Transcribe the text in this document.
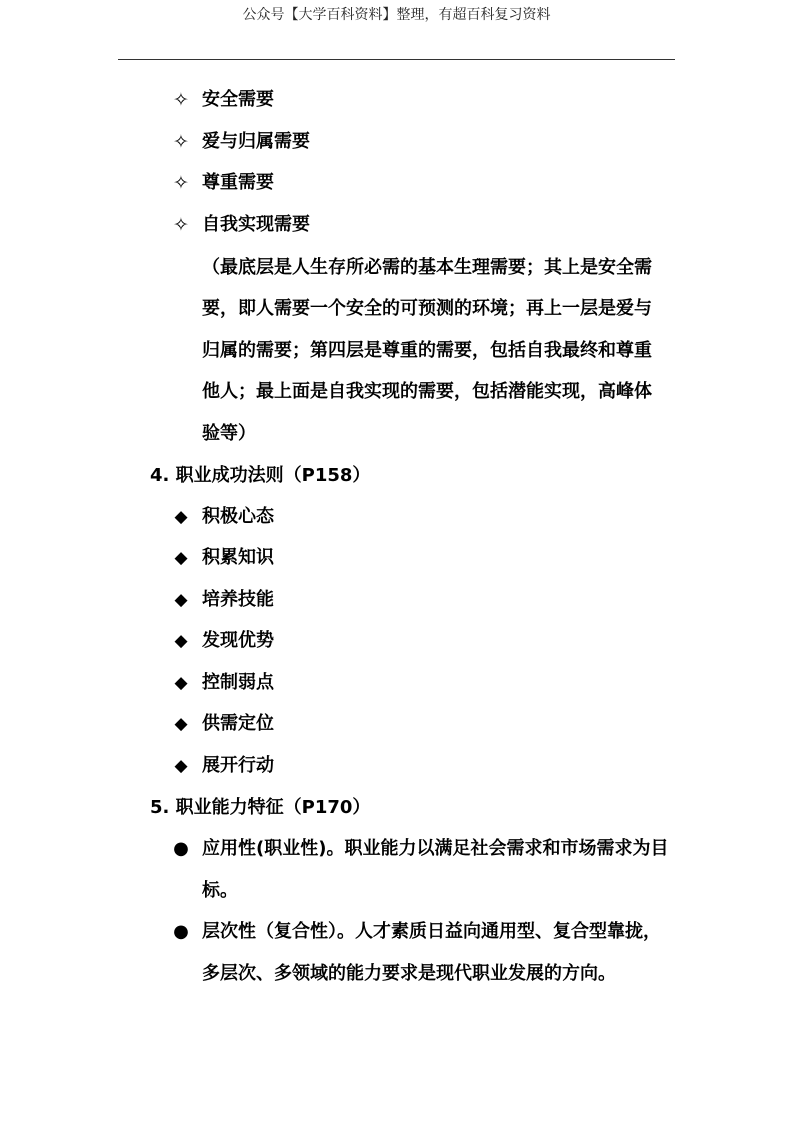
公众号【大学百科资料】整理，有超百科复习资料
✧ 安全需要
✧ 爱与归属需要
✧ 尊重需要
✧ 自我实现需要
（最底层是人生存所必需的基本生理需要；其上是安全需
要，即人需要一个安全的可预测的环境；再上一层是爱与
归属的需要；第四层是尊重的需要，包括自我最终和尊重
他人；最上面是自我实现的需要，包括潜能实现，高峰体
验等）
4. 职业成功法则（P158）
◆ 积极心态
◆ 积累知识
◆ 培养技能
◆ 发现优势
◆ 控制弱点
◆ 供需定位
◆ 展开行动
5. 职业能力特征（P170）
● 应用性(职业性)。职业能力以满足社会需求和市场需求为目
标。
● 层次性（复合性）。人才素质日益向通用型、复合型靠拢，
多层次、多领域的能力要求是现代职业发展的方向。
